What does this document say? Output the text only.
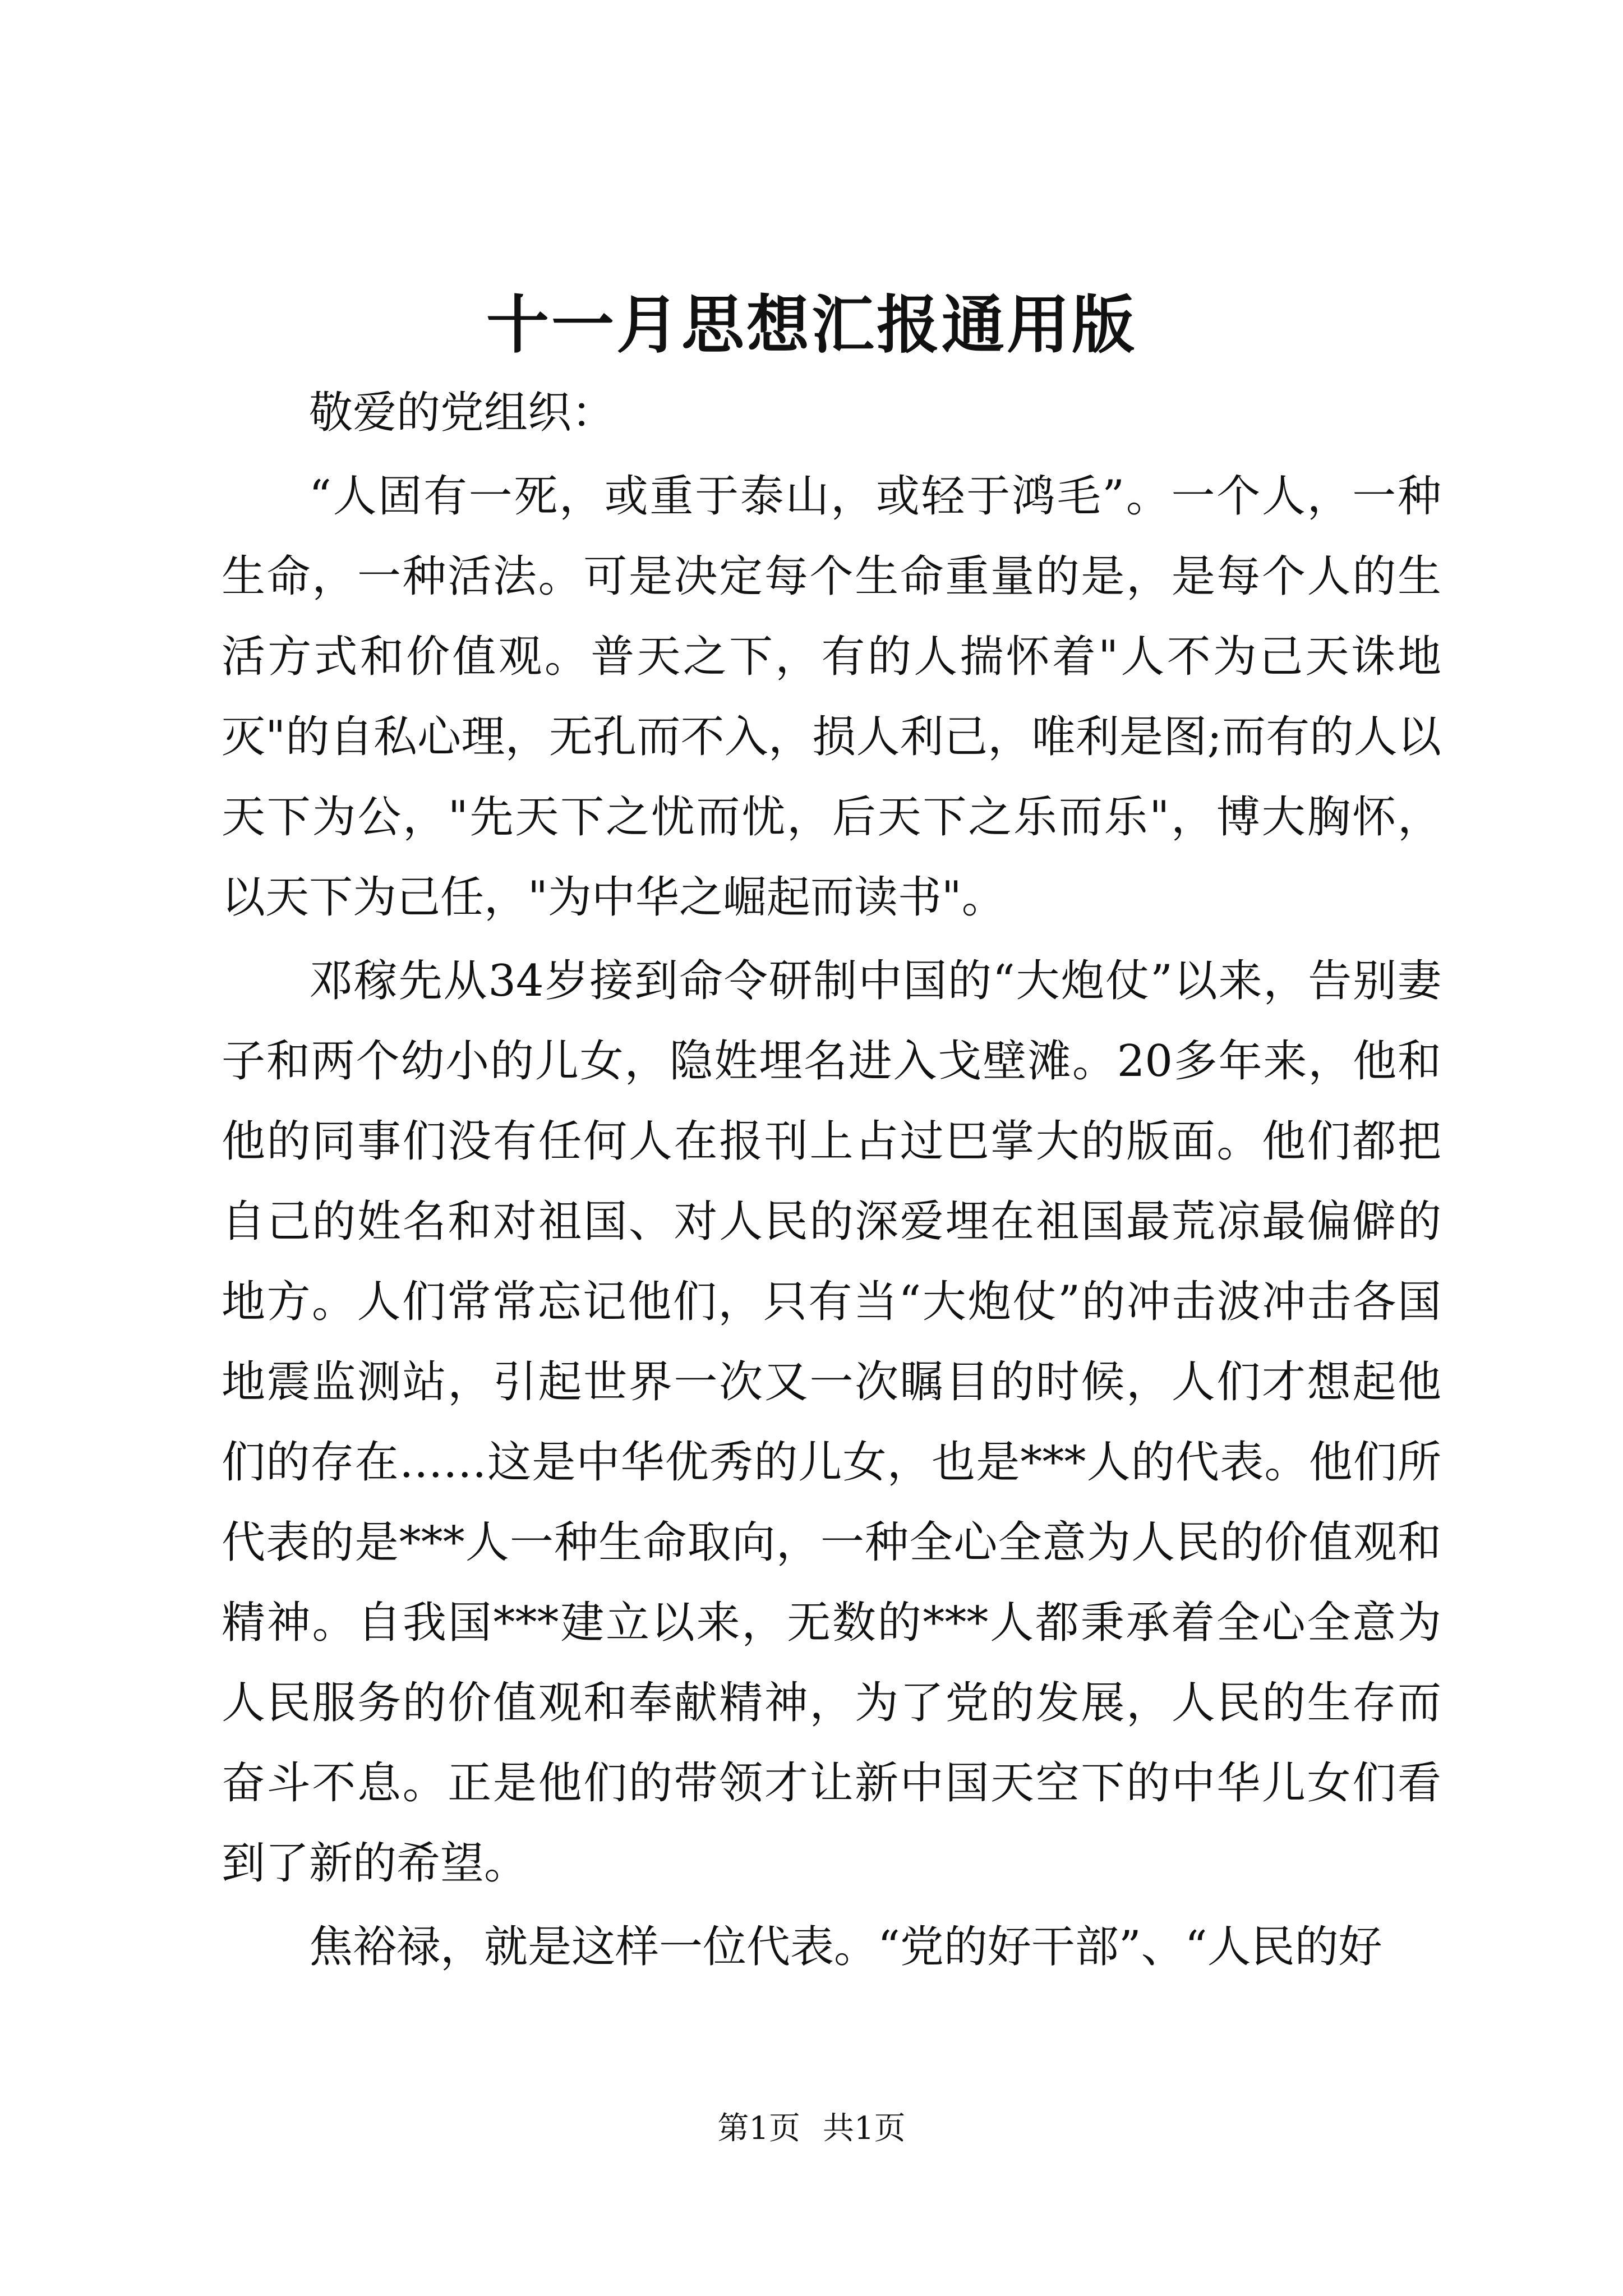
十一月思想汇报通用版

敬爱的党组织：

“人固有一死，或重于泰山，或轻于鸿毛”。一个人，一种生命，一种活法。可是决定每个生命重量的是，是每个人的生活方式和价值观。普天之下，有的人揣怀着"人不为己天诛地灭"的自私心理，无孔而不入，损人利己，唯利是图;而有的人以天下为公，"先天下之忧而忧，后天下之乐而乐"，博大胸怀，以天下为己任，"为中华之崛起而读书"。

邓稼先从34岁接到命令研制中国的“大炮仗”以来，告别妻子和两个幼小的儿女，隐姓埋名进入戈壁滩。20多年来，他和他的同事们没有任何人在报刊上占过巴掌大的版面。他们都把自己的姓名和对祖国、对人民的深爱埋在祖国最荒凉最偏僻的地方。人们常常忘记他们，只有当“大炮仗”的冲击波冲击各国地震监测站，引起世界一次又一次瞩目的时候，人们才想起他们的存在……这是中华优秀的儿女，也是***人的代表。他们所代表的是***人一种生命取向，一种全心全意为人民的价值观和精神。自我国***建立以来，无数的***人都秉承着全心全意为人民服务的价值观和奉献精神，为了党的发展，人民的生存而奋斗不息。正是他们的带领才让新中国天空下的中华儿女们看到了新的希望。

焦裕禄，就是这样一位代表。“党的好干部”、“人民的好

第1页 共1页
